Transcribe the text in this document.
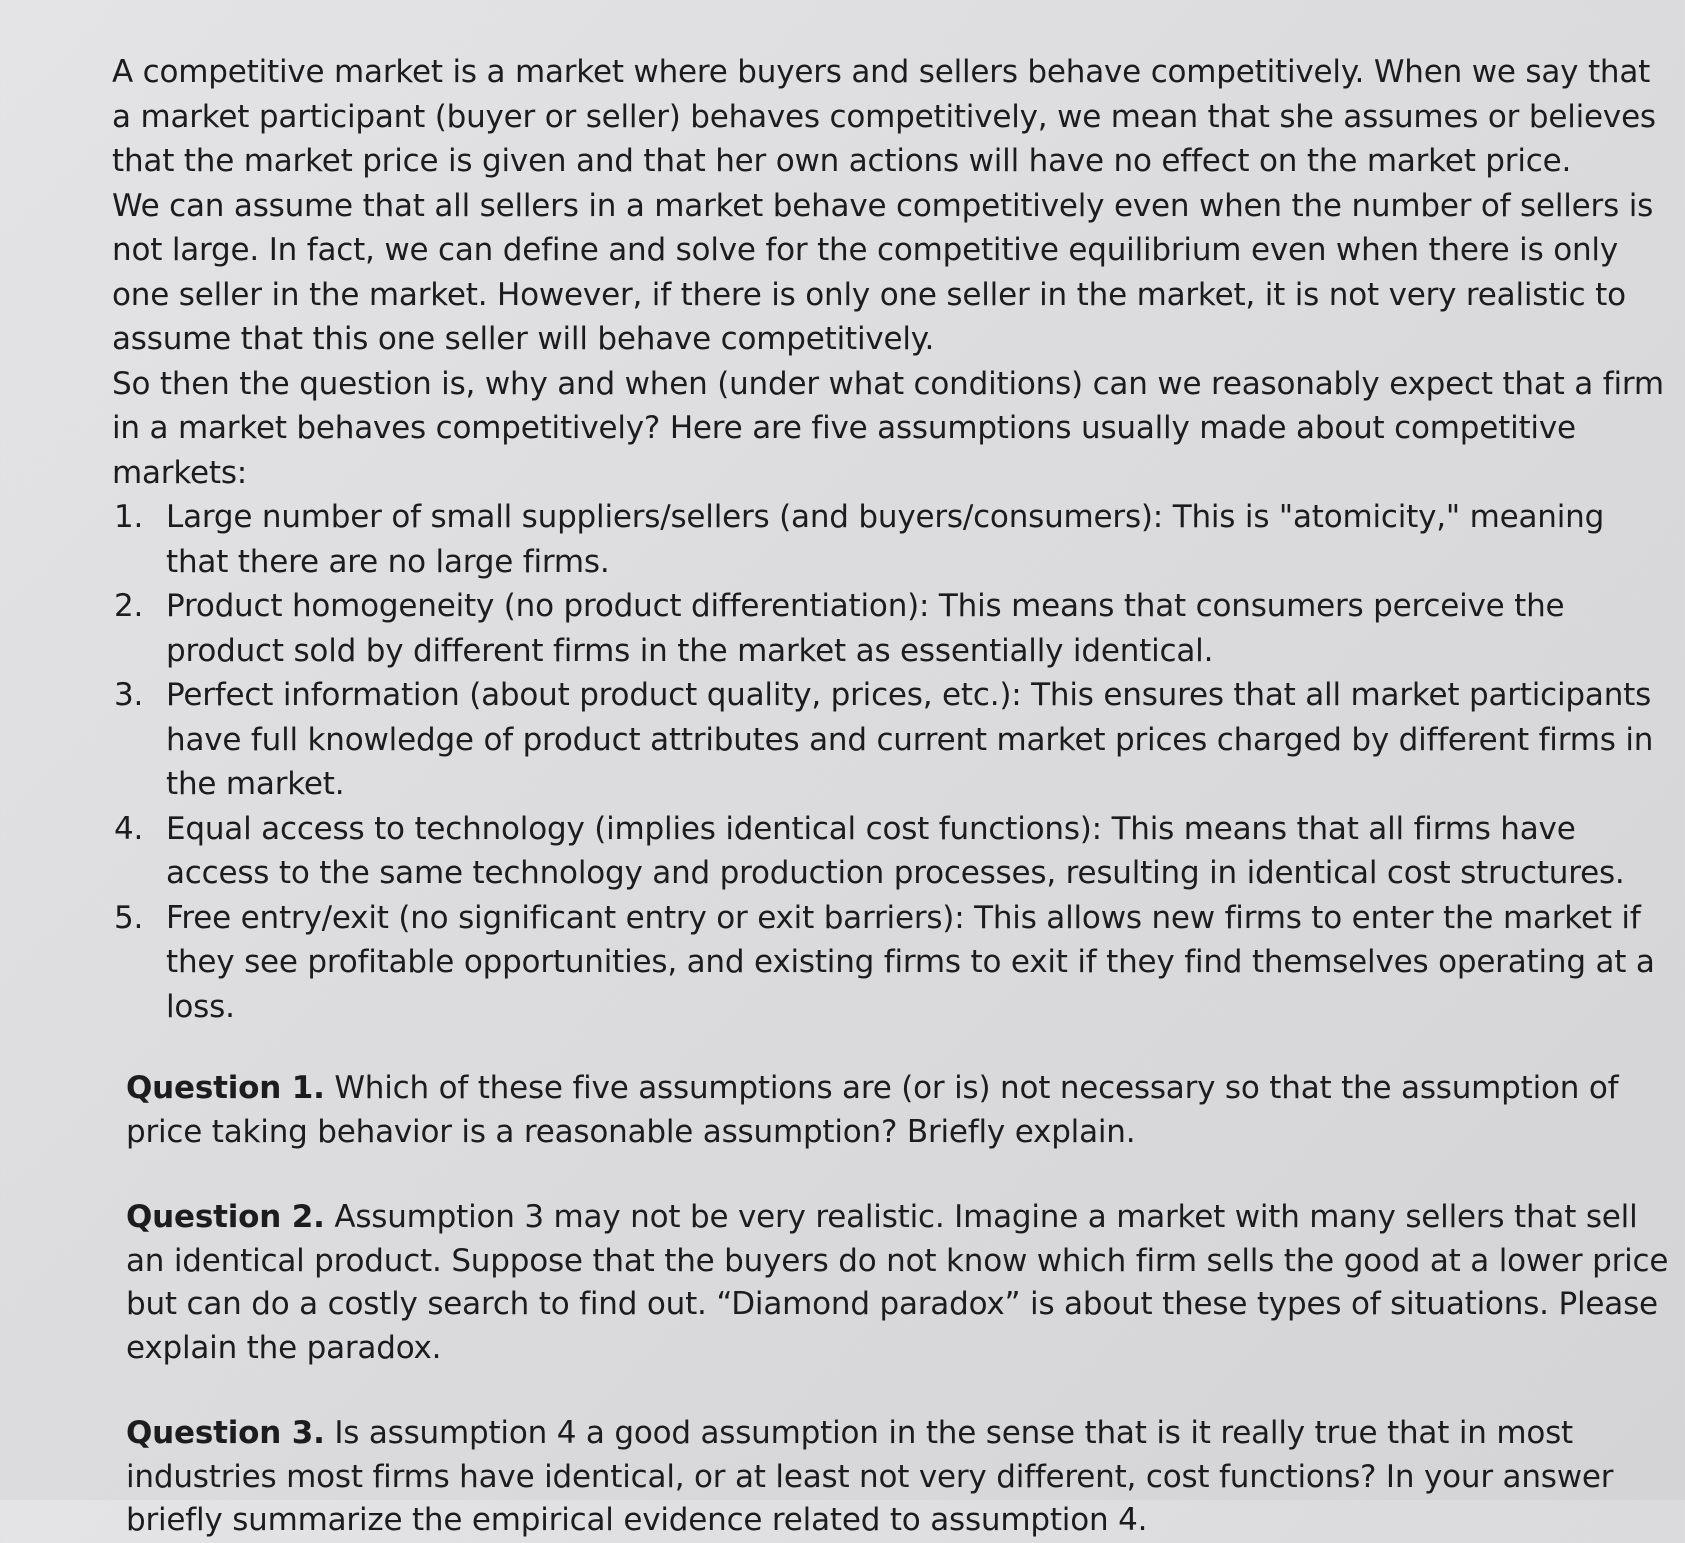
A competitive market is a market where buyers and sellers behave competitively. When we say that a market participant (buyer or seller) behaves competitively, we mean that she assumes or believes that the market price is given and that her own actions will have no effect on the market price.

We can assume that all sellers in a market behave competitively even when the number of sellers is not large. In fact, we can define and solve for the competitive equilibrium even when there is only one seller in the market. However, if there is only one seller in the market, it is not very realistic to assume that this one seller will behave competitively.

So then the question is, why and when (under what conditions) can we reasonably expect that a firm in a market behaves competitively? Here are five assumptions usually made about competitive markets:

1. Large number of small suppliers/sellers (and buyers/consumers): This is "atomicity," meaning that there are no large firms.
2. Product homogeneity (no product differentiation): This means that consumers perceive the product sold by different firms in the market as essentially identical.
3. Perfect information (about product quality, prices, etc.): This ensures that all market participants have full knowledge of product attributes and current market prices charged by different firms in the market.
4. Equal access to technology (implies identical cost functions): This means that all firms have access to the same technology and production processes, resulting in identical cost structures.
5. Free entry/exit (no significant entry or exit barriers): This allows new firms to enter the market if they see profitable opportunities, and existing firms to exit if they find themselves operating at a loss.

Question 1. Which of these five assumptions are (or is) not necessary so that the assumption of price taking behavior is a reasonable assumption? Briefly explain.

Question 2. Assumption 3 may not be very realistic. Imagine a market with many sellers that sell an identical product. Suppose that the buyers do not know which firm sells the good at a lower price but can do a costly search to find out. “Diamond paradox” is about these types of situations. Please explain the paradox.

Question 3. Is assumption 4 a good assumption in the sense that is it really true that in most industries most firms have identical, or at least not very different, cost functions? In your answer briefly summarize the empirical evidence related to assumption 4.
